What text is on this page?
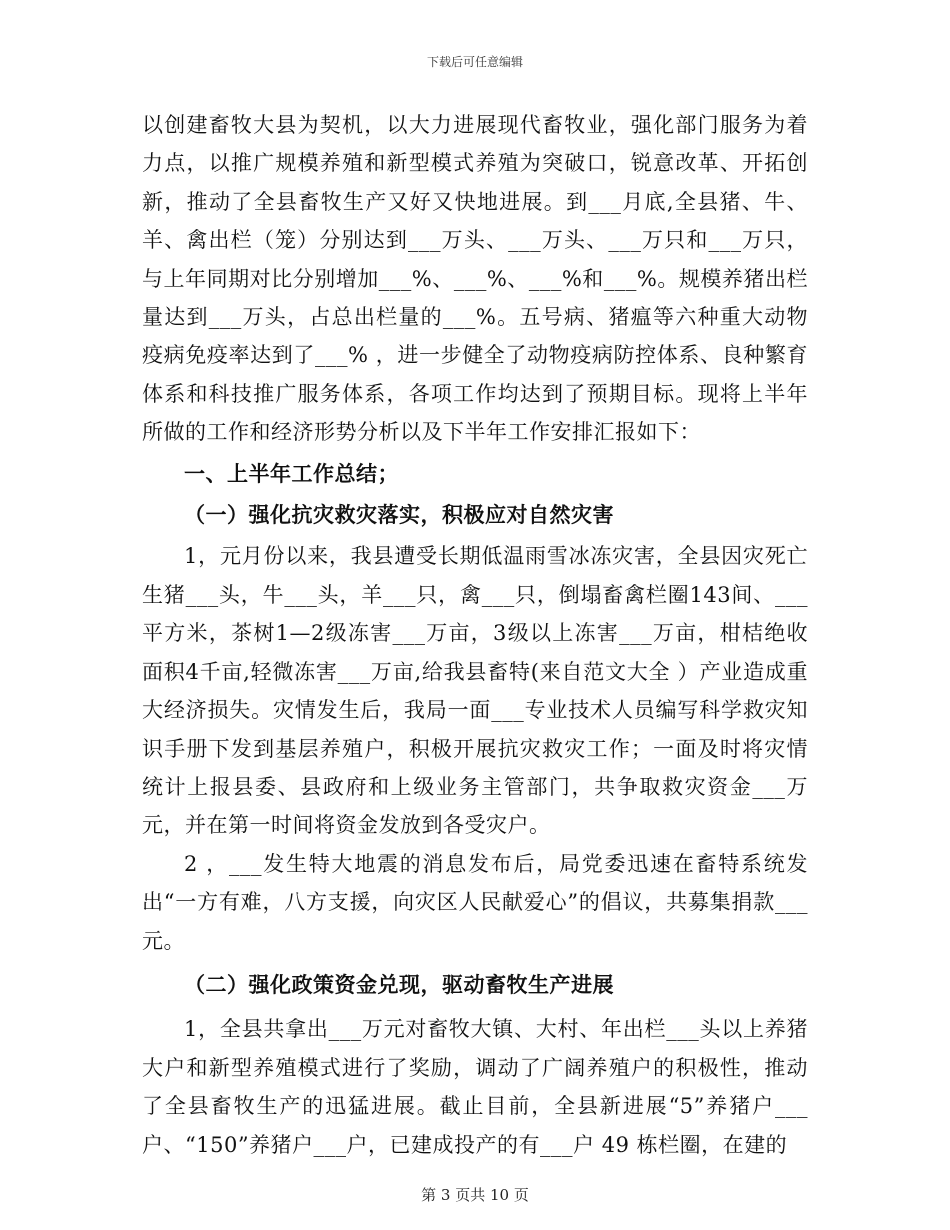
下载后可任意编辑

以创建畜牧大县为契机，以大力进展现代畜牧业，强化部门服务为着力点，以推广规模养殖和新型模式养殖为突破口，锐意改革、开拓创新，推动了全县畜牧生产又好又快地进展。到___月底,全县猪、牛、羊、禽出栏（笼）分别达到___万头、___万头、___万只和___万只，与上年同期对比分别增加___%、___%、___%和___%。规模养猪出栏量达到___万头，占总出栏量的___%。五号病、猪瘟等六种重大动物疫病免疫率达到了___% ，进一步健全了动物疫病防控体系、良种繁育体系和科技推广服务体系，各项工作均达到了预期目标。现将上半年所做的工作和经济形势分析以及下半年工作安排汇报如下：

一、上半年工作总结；

（一）强化抗灾救灾落实，积极应对自然灾害

1，元月份以来，我县遭受长期低温雨雪冰冻灾害，全县因灾死亡生猪___头，牛___头，羊___只，禽___只，倒塌畜禽栏圈143间、___平方米，茶树1—2级冻害___万亩，3级以上冻害___万亩，柑桔绝收面积4千亩,轻微冻害___万亩,给我县畜特(来自范文大全 ）产业造成重大经济损失。灾情发生后，我局一面___专业技术人员编写科学救灾知识手册下发到基层养殖户，积极开展抗灾救灾工作；一面及时将灾情统计上报县委、县政府和上级业务主管部门，共争取救灾资金___万元，并在第一时间将资金发放到各受灾户。

2 ，___发生特大地震的消息发布后，局党委迅速在畜特系统发出“一方有难，八方支援，向灾区人民献爱心”的倡议，共募集捐款___元。

（二）强化政策资金兑现，驱动畜牧生产进展

1，全县共拿出___万元对畜牧大镇、大村、年出栏___头以上养猪大户和新型养殖模式进行了奖励，调动了广阔养殖户的积极性，推动了全县畜牧生产的迅猛进展。截止目前，全县新进展“5”养猪户___户、“150”养猪户___户，已建成投产的有___户 49 栋栏圈，在建的

第 3 页共 10 页
